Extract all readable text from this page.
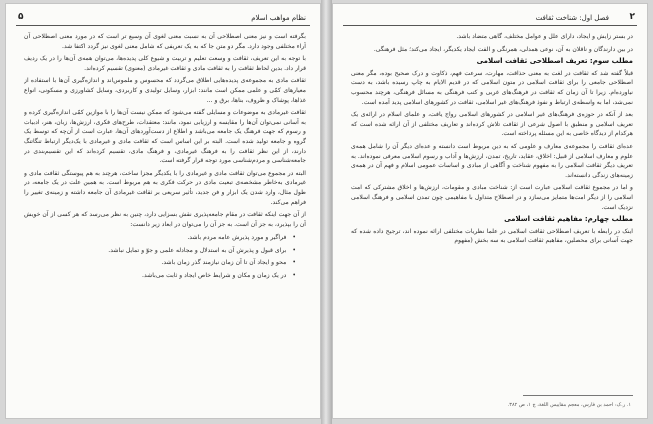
۵	نظام مواهب اسلام

بگرفته است و نیز معنی اصطلاحی آن به نسبت معنی لغوی آن وسیع تر است که در مورد معنی اصطلاحی آن آراء مختلفی وجود دارد. مگر دو متن جا که به یک تعریفی که شامل معنی لغوی نیز گردد اکتفا شد.

با توجه به این تعریف، ثقافت و وسعت تعلیم و تربیت و شیوع کلی پدیده‌ها، می‌توان همه‌ی آن‌ها را در یک ردیف قرار داد. بدین لحاظ ثقافت را به ثقافت مادی و ثقافت غیرمادی (معنوی) تقسیم کرده‌اند.

ثقافت مادی به مجموعه‌ی پدیده‌هایی اطلاق می‌گردد که محسوس و ملموس‌اند و اندازه‌گیری آن‌ها با استفاده از معیارهای کمّی و علمی ممکن است مانند: ابزار، وسایل تولیدی و کاربردی، وسایل کشاورزی و مسکونی، انواع غذاها، پوشاک و ظروف، بناها، برق و ...

ثقافت غیرمادی به موضوعات و مسایلی گفته می‌شود که ممکن نیست آن‌ها را با موازین کمّی اندازه‌گیری کرده و به آسانی نمی‌توان آن‌ها را مقایسه و ارزیابی نمود، مانند: معتقدات، طرح‌های فکری، ارزش‌ها، زبان، هنر، ادبیات و رسوم که جهت فرهنگ یک جامعه می‌باشد و اطلاع از دست‌آوردهای آن‌ها، عبارت است از آن‌چه که توسط یک گروه و جامعه تولید شده است. البته بر این اساس است که ثقافت مادی و غیرمادی با یک‌دیگر ارتباط تنگاتنگ دارند، از این نظر ثقافت را به فرهنگ غیرمادی، و فرهنگ مادی، تقسیم کرده‌اند که این تقسیم‌بندی در جامعه‌شناسی و مردم‌شناسی مورد توجه قرار گرفته است.

البته در مجموع می‌توان ثقافت مادی و غیرمادی را با یکدیگر مجزا ساخت، هرچند به هم پیوستگی ثقافت مادی و غیرمادی به‌خاطر مشخصه‌ی تبعیت مادی در حرکت فکری به هم مربوط است. به همین علت در یک جامعه، در طول مثال، وارد شدن یک ابزار و فن جدید، تأثیر سریعی بر ثقافت غیرمادی آن جامعه داشته و زمینه‌ی تغییر را فراهم می‌کند.

از آن جهت اینکه ثقافت در مقام جامعه‌پذیری نقش بسزایی دارد، چنین به نظر می‌رسد که هر کسی از آن خویش آن را بپذیرد، به جز آن است. به جز آن را می‌توان در ابعاد زیر دانست:

• فراگیر و مورد پذیرش عامه مردم باشد.
• برای قبول و پذیرش آن به استدلال و مجادله علمی و جوّ و تمایل نباشد.
• محو و ایجاد آن تا آن زمان نیازمند گذر زمان باشد.
• در یک زمان و مکان و شرایط خاص ایجاد و ثابت می‌باشد.
۲
فصل اول: شناخت ثقافت

در بستر زایش و ایجاد، دارای علل و عوامل مختلف، گاهی متضاد باشد.

در بین دارندگان و ناقلان به آن، نوعی همدلی، همرنگی و الفت ایجاد یکدیگر، ایجاد می‌کند؛ مثل فرهنگی.

مطلب سوم: تعریف اصطلاحی ثقافت اسلامی

قبلاً گفته شد که ثقافت در لغت به معنی حذاقت، مهارت، سرعت فهم، ذکاوت و درک صحیح بوده، مگر معنی اصطلاحی جامعی را برای ثقافت اسلامی در متون اسلامی که در قدیم الایام به چاپ رسیده باشد، به دست نیاورده‌ام. زیرا تا آن زمان که ثقافت در فرهنگ‌های غربی و کتب فرهنگی به مسائل فرهنگی، هرچند محسوب نمی‌شد، اما به واسطه‌ی ارتباط و نفوذ فرهنگ‌های غیر اسلامی، ثقافت در کشورهای اسلامی پدید آمده است.

بعد از آنکه در حوزه‌ی فرهنگ‌های غیر اسلامی در کشورهای اسلامی رواج یافت، و علمای اسلام در ارائه‌ی یک تعریف اسلامی و منطبق با اصول شرعی از ثقافت تلاش کرده‌اند و تعاریف مختلفی از آن ارائه شده است که هرکدام از دیدگاه خاصی به این مسئله پرداخته است.

عده‌ای ثقافت را مجموعه‌ی معارف و علومی که به دین مربوط است دانسته و عده‌ای دیگر آن را شامل همه‌ی علوم و معارف اسلامی از قبیل: اخلاق، عقاید، تاریخ، تمدن، ارزش‌ها و آداب و رسوم اسلامی معرفی نموده‌اند. به تعریف دیگر ثقافت اسلامی را به مفهوم شناخت و آگاهی از مبادی و اساسات عمومی اسلام و فهم آن در همه‌ی زمینه‌های زندگی دانسته‌اند.

و اما در مجموع ثقافت اسلامی عبارت است از: شناخت مبادی و مقومات، ارزش‌ها و اخلاق مشترکی که امت اسلامی را از دیگر امت‌ها متمایز می‌سازد و در اصطلاح متداول با مفاهیمی چون تمدن اسلامی و فرهنگ اسلامی نزدیک است.

مطلب چهارم: مفاهیم ثقافت اسلامی

اینک در رابطه با تعریف اصطلاحی ثقافت اسلامی در علما نظریات مختلفی ارائه نموده اند، ترجیح داده شده که جهت آسانی برای محصلین، مفاهیم ثقافت اسلامی به سه بخش (مفهوم

۱. ر.ک: احمد بن فارس، معجم مقاییس اللغة، ج ۱، ص ۳۸۲.
